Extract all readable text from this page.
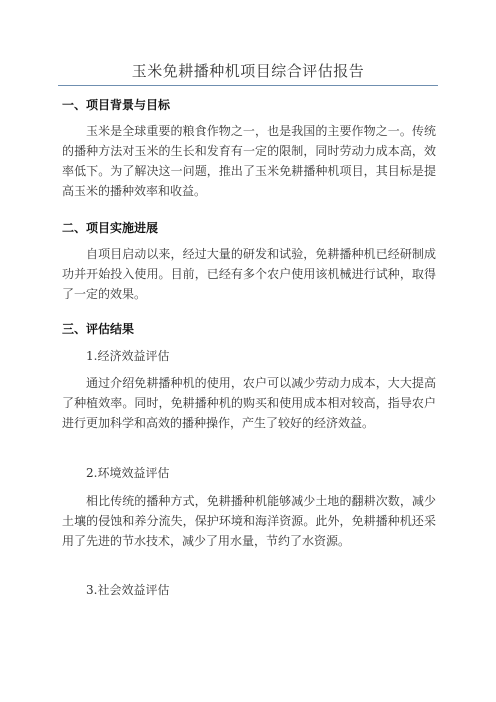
玉米免耕播种机项目综合评估报告
一、项目背景与目标

玉米是全球重要的粮食作物之一，也是我国的主要作物之一。传统的播种方法对玉米的生长和发育有一定的限制，同时劳动力成本高，效率低下。为了解决这一问题，推出了玉米免耕播种机项目，其目标是提高玉米的播种效率和收益。

二、项目实施进展

自项目启动以来，经过大量的研发和试验，免耕播种机已经研制成功并开始投入使用。目前，已经有多个农户使用该机械进行试种，取得了一定的效果。

三、评估结果
1.经济效益评估

通过介绍免耕播种机的使用，农户可以减少劳动力成本，大大提高了种植效率。同时，免耕播种机的购买和使用成本相对较高，指导农户进行更加科学和高效的播种操作，产生了较好的经济效益。

2.环境效益评估

相比传统的播种方式，免耕播种机能够减少土地的翻耕次数，减少土壤的侵蚀和养分流失，保护环境和海洋资源。此外，免耕播种机还采用了先进的节水技术，减少了用水量，节约了水资源。

3.社会效益评估
